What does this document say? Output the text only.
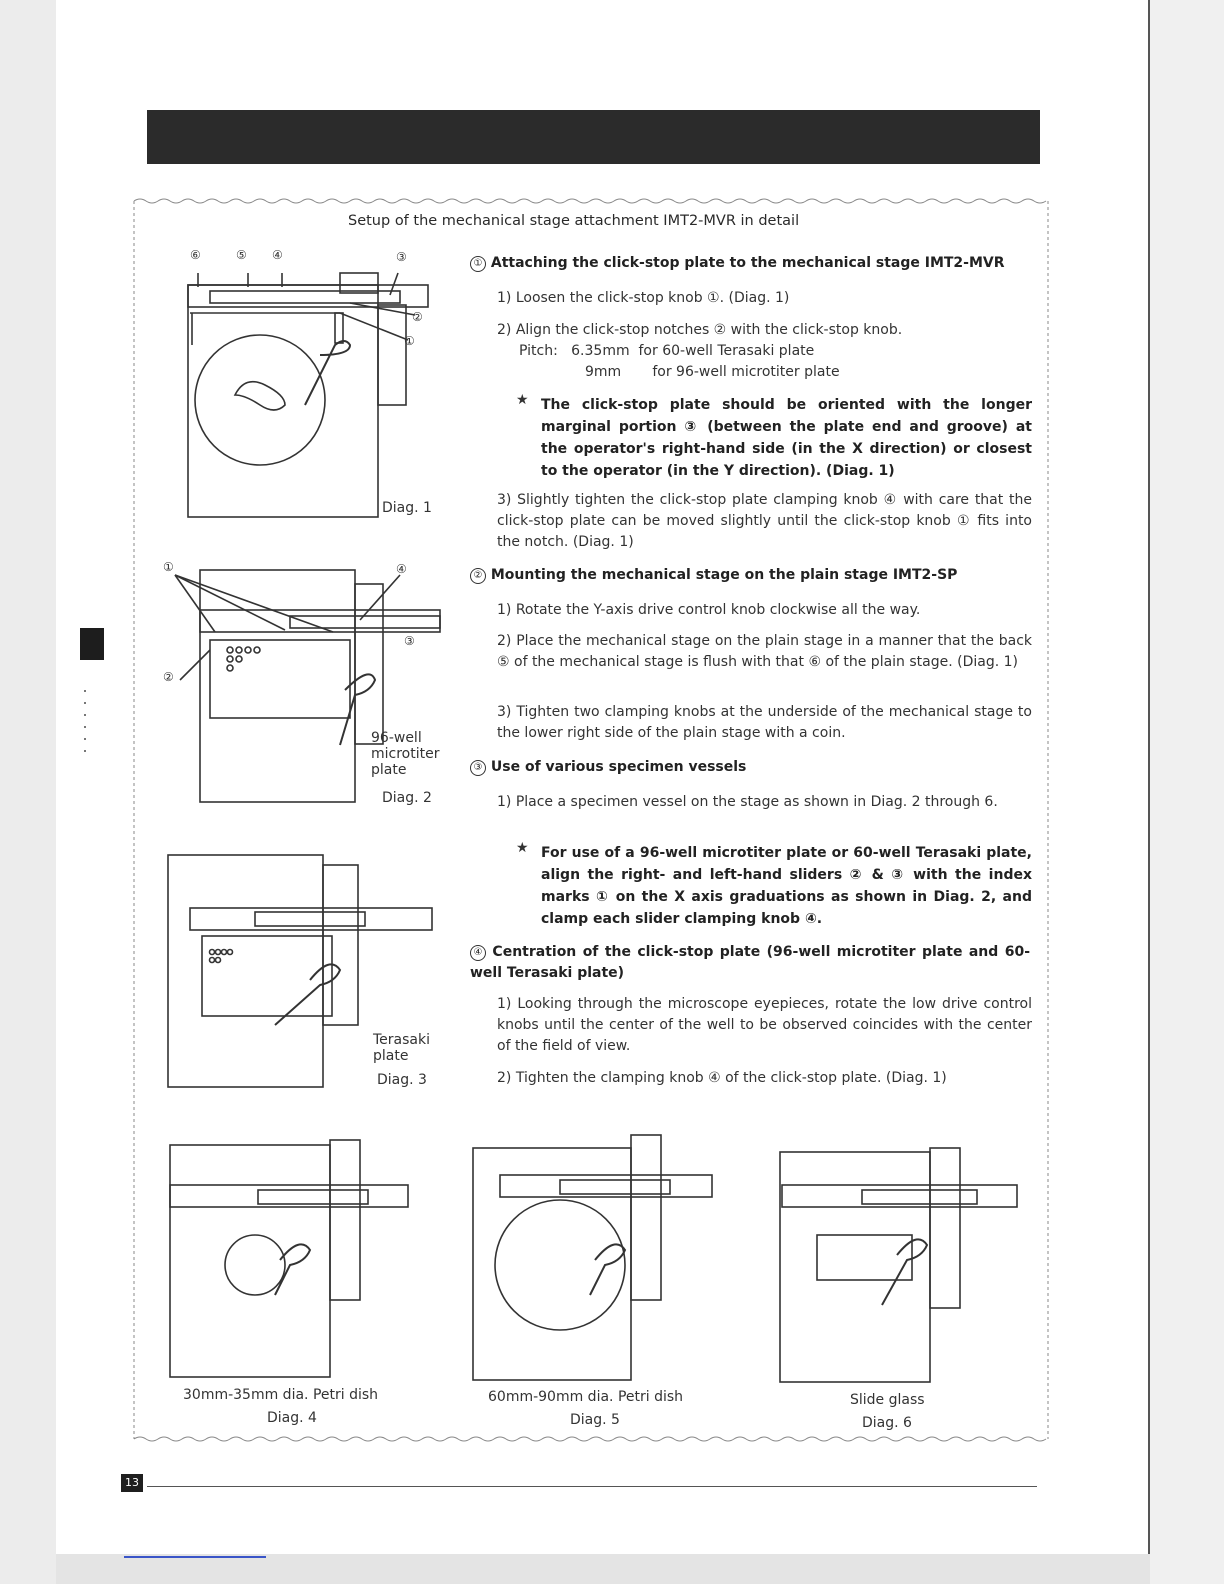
Setup of the mechanical stage attachment IMT2-MVR in detail
⑥	⑤ ④	③
②
①
Diag. 1
①	④
③
②
96-well
microtiter
plate
Diag. 2
Terasaki
plate
Diag. 3
30mm-35mm dia. Petri dish
Diag. 4
60mm-90mm dia. Petri dish
Diag. 5
Slide glass
Diag. 6
① Attaching the click-stop plate to the mechanical stage IMT2-MVR
1) Loosen the click-stop knob ①. (Diag. 1)
2) Align the click-stop notches ② with the click-stop knob.
Pitch:   6.35mm  for 60-well Terasaki plate
9mm       for 96-well microtiter plate
★ The click-stop plate should be oriented with the longer marginal portion ③ (between the plate end and groove) at the operator's right-hand side (in the X direction) or closest to the operator (in the Y direction). (Diag. 1)
3) Slightly tighten the click-stop plate clamping knob ④ with care that the click-stop plate can be moved slightly until the click-stop knob ① fits into the notch. (Diag. 1)
② Mounting the mechanical stage on the plain stage IMT2-SP
1) Rotate the Y-axis drive control knob clockwise all the way.
2) Place the mechanical stage on the plain stage in a manner that the back ⑤ of the mechanical stage is flush with that ⑥ of the plain stage. (Diag. 1)
3) Tighten two clamping knobs at the underside of the mechanical stage to the lower right side of the plain stage with a coin.
③ Use of various specimen vessels
1) Place a specimen vessel on the stage as shown in Diag. 2 through 6.
★ For use of a 96-well microtiter plate or 60-well Terasaki plate, align the right- and left-hand sliders ② & ③ with the index marks ① on the X axis graduations as shown in Diag. 2, and clamp each slider clamping knob ④.
④ Centration of the click-stop plate (96-well microtiter plate and 60-well Terasaki plate)
1) Looking through the microscope eyepieces, rotate the low drive control knobs until the center of the well to be observed coincides with the center of the field of view.
2) Tighten the clamping knob ④ of the click-stop plate. (Diag. 1)
13
